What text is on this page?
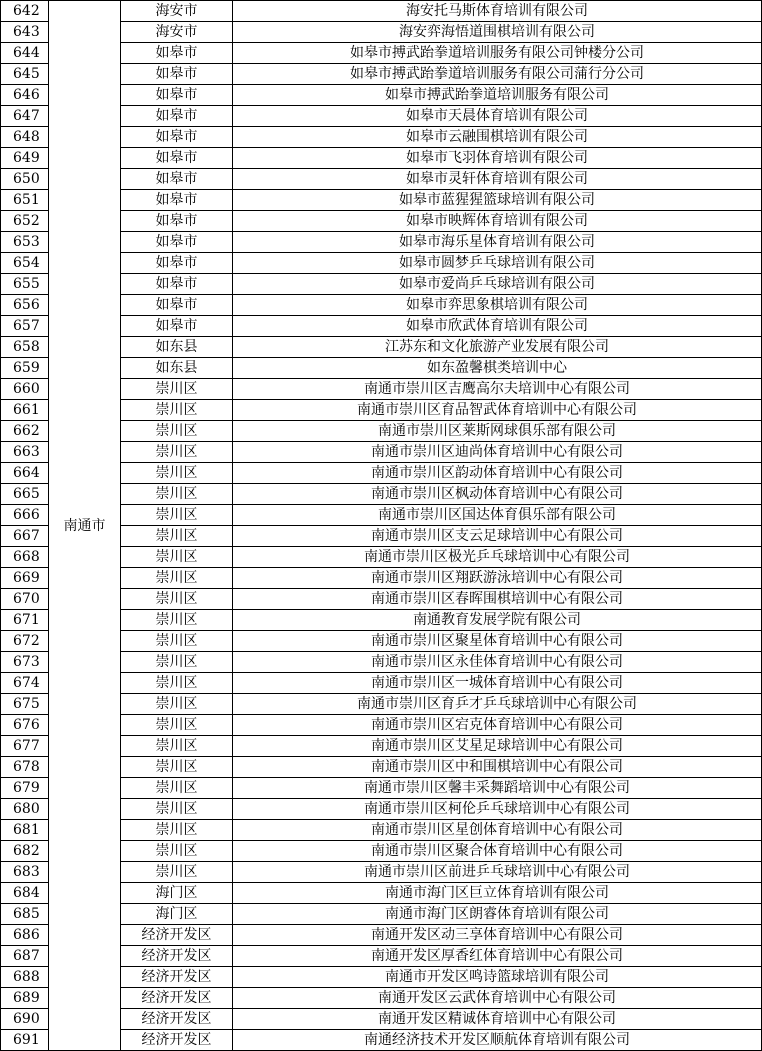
642	南通市	海安市	海安托马斯体育培训有限公司
643		海安市	海安弈海悟道围棋培训有限公司
644		如皋市	如皋市搏武跆拳道培训服务有限公司钟楼分公司
645		如皋市	如皋市搏武跆拳道培训服务有限公司蒲行分公司
646		如皋市	如皋市搏武跆拳道培训服务有限公司
647		如皋市	如皋市天晨体育培训有限公司
648		如皋市	如皋市云融围棋培训有限公司
649		如皋市	如皋市飞羽体育培训有限公司
650		如皋市	如皋市灵轩体育培训有限公司
651		如皋市	如皋市蓝猩猩篮球培训有限公司
652		如皋市	如皋市映辉体育培训有限公司
653		如皋市	如皋市海乐星体育培训有限公司
654		如皋市	如皋市圆梦乒乓球培训有限公司
655		如皋市	如皋市爱尚乒乓球培训有限公司
656		如皋市	如皋市弈思象棋培训有限公司
657		如皋市	如皋市欣武体育培训有限公司
658		如东县	江苏东和文化旅游产业发展有限公司
659		如东县	如东盈馨棋类培训中心
660		崇川区	南通市崇川区吉鹰高尔夫培训中心有限公司
661		崇川区	南通市崇川区育品智武体育培训中心有限公司
662		崇川区	南通市崇川区莱斯网球俱乐部有限公司
663		崇川区	南通市崇川区迪尚体育培训中心有限公司
664		崇川区	南通市崇川区韵动体育培训中心有限公司
665		崇川区	南通市崇川区枫动体育培训中心有限公司
666		崇川区	南通市崇川区国达体育俱乐部有限公司
667		崇川区	南通市崇川区支云足球培训中心有限公司
668		崇川区	南通市崇川区极光乒乓球培训中心有限公司
669		崇川区	南通市崇川区翔跃游泳培训中心有限公司
670		崇川区	南通市崇川区春晖围棋培训中心有限公司
671		崇川区	南通教育发展学院有限公司
672		崇川区	南通市崇川区聚星体育培训中心有限公司
673		崇川区	南通市崇川区永佳体育培训中心有限公司
674		崇川区	南通市崇川区一城体育培训中心有限公司
675		崇川区	南通市崇川区育乒才乒乓球培训中心有限公司
676		崇川区	南通市崇川区宕克体育培训中心有限公司
677		崇川区	南通市崇川区艾星足球培训中心有限公司
678		崇川区	南通市崇川区中和围棋培训中心有限公司
679		崇川区	南通市崇川区馨丰采舞蹈培训中心有限公司
680		崇川区	南通市崇川区柯伦乒乓球培训中心有限公司
681		崇川区	南通市崇川区星创体育培训中心有限公司
682		崇川区	南通市崇川区聚合体育培训中心有限公司
683		崇川区	南通市崇川区前进乒乓球培训中心有限公司
684		海门区	南通市海门区巨立体育培训有限公司
685		海门区	南通市海门区朗睿体育培训有限公司
686		经济开发区	南通开发区动三享体育培训中心有限公司
687		经济开发区	南通开发区厚香红体育培训中心有限公司
688		经济开发区	南通市开发区鸣诗篮球培训有限公司
689		经济开发区	南通开发区云武体育培训中心有限公司
690		经济开发区	南通开发区精诚体育培训中心有限公司
691		经济开发区	南通经济技术开发区顺航体育培训有限公司
